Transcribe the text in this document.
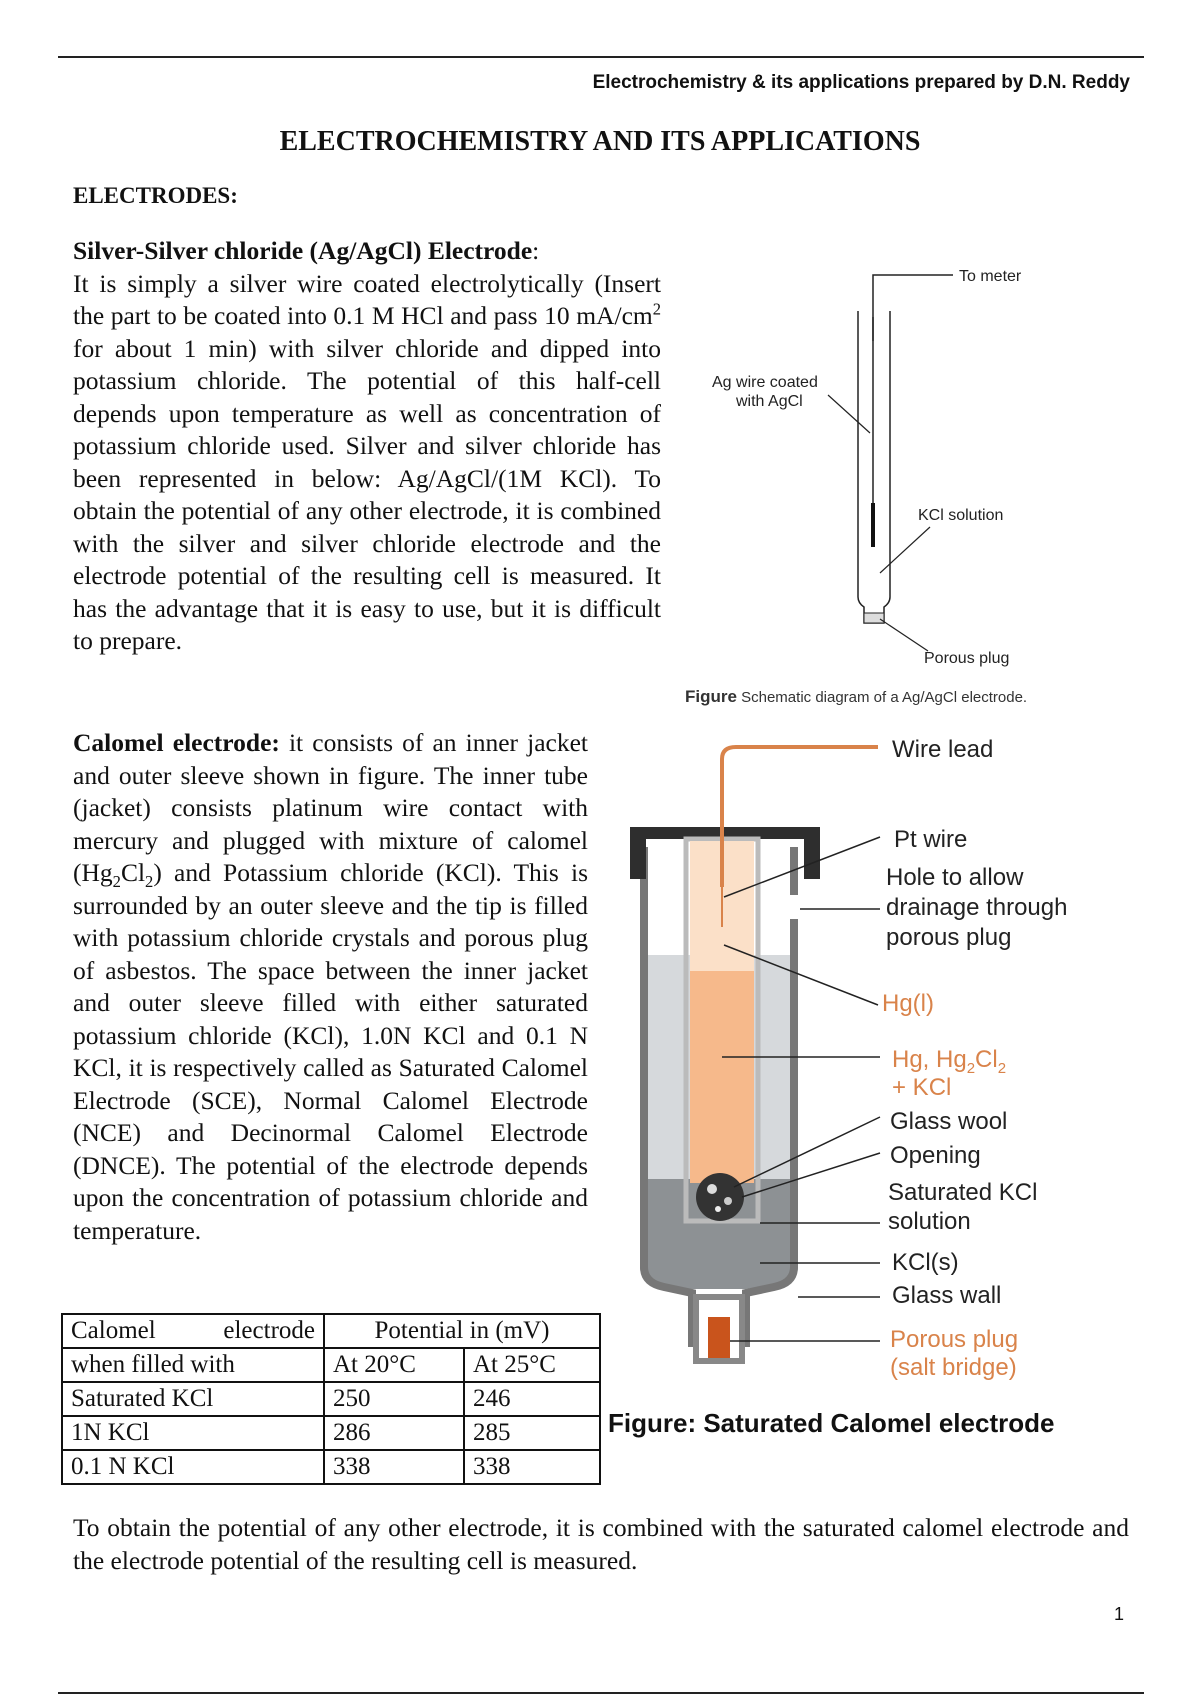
Electrochemistry & its applications prepared by D.N. Reddy
ELECTROCHEMISTRY AND ITS APPLICATIONS
ELECTRODES:
Silver-Silver chloride (Ag/AgCl) Electrode:
It is simply a silver wire coated electrolytically (Insert the part to be coated into 0.1 M HCl and pass 10 $mA/cm^2$ for about 1 min) with silver chloride and dipped into potassium chloride. The potential of this half-cell depends upon temperature as well as concentration of potassium chloride used. Silver and silver chloride has been represented in below: Ag/AgCl/(1M KCl). To obtain the potential of any other electrode, it is combined with the silver and silver chloride electrode and the electrode potential of the resulting cell is measured. It has the advantage that it is easy to use, but it is difficult to prepare.
To meter
Ag wire coated
with AgCl
KCl solution
Porous plug
Figure Schematic diagram of a Ag/AgCl electrode.
Calomel electrode: it consists of an inner jacket and outer sleeve shown in figure. The inner tube (jacket) consists platinum wire contact with mercury and plugged with mixture of calomel $(Hg_2Cl_2)$ and Potassium chloride (KCl). This is surrounded by an outer sleeve and the tip is filled with potassium chloride crystals and porous plug of asbestos. The space between the inner jacket and outer sleeve filled with either saturated potassium chloride (KCl), 1.0N KCl and 0.1 N KCl, it is respectively called as Saturated Calomel Electrode (SCE), Normal Calomel Electrode (NCE) and Decinormal Calomel Electrode (DNCE). The potential of the electrode depends upon the concentration of potassium chloride and temperature.
Calomel electrode	Potential in (mV)	
when filled with	At 20°C	At 25°C
Saturated KCl	250	246
1N KCl	286	285
0.1 N KCl	338	338
Wire lead
Pt wire
Hole to allow
drainage through
porous plug
Hg(l)
Hg, $Hg_2Cl_2$
+ KCl
Glass wool
Opening
Saturated KCl
solution
KCl(s)
Glass wall
Porous plug
(salt bridge)
Figure: Saturated Calomel electrode
To obtain the potential of any other electrode, it is combined with the saturated calomel electrode and the electrode potential of the resulting cell is measured.
1
